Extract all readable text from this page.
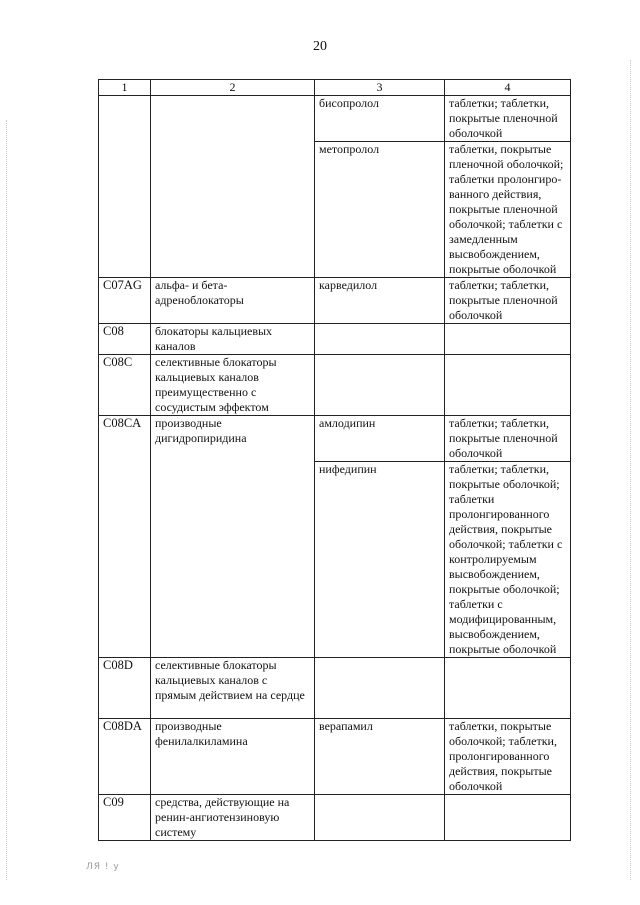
20
1	2	3	4
		бисопролол	таблетки; таблетки, покрытые пленочной оболочкой
		метопролол	таблетки, покрытые пленочной оболочкой; таблетки пролонгиро-ванного действия, покрытые пленочной оболочкой; таблетки с замедленным высвобождением, покрытые оболочкой
C07AG	альфа- и бета-адреноблокаторы	карведилол	таблетки; таблетки, покрытые пленочной оболочкой
C08	блокаторы кальциевых каналов		
C08C	селективные блокаторы кальциевых каналов преимущественно с сосудистым эффектом		
C08CA	производные дигидропиридина	амлодипин	таблетки; таблетки, покрытые пленочной оболочкой
		нифедипин	таблетки; таблетки, покрытые оболочкой; таблетки пролонгированного действия, покрытые оболочкой; таблетки с контролируемым высвобождением, покрытые оболочкой; таблетки с модифицированным, высвобождением, покрытые оболочкой
C08D	селективные блокаторы кальциевых каналов с прямым действием на сердце		
C08DA	производные фенилалкиламина	верапамил	таблетки, покрытые оболочкой; таблетки, пролонгированного действия, покрытые оболочкой
C09	средства, действующие на ренин-ангиотензиновую систему		
ЛЯ ! у
